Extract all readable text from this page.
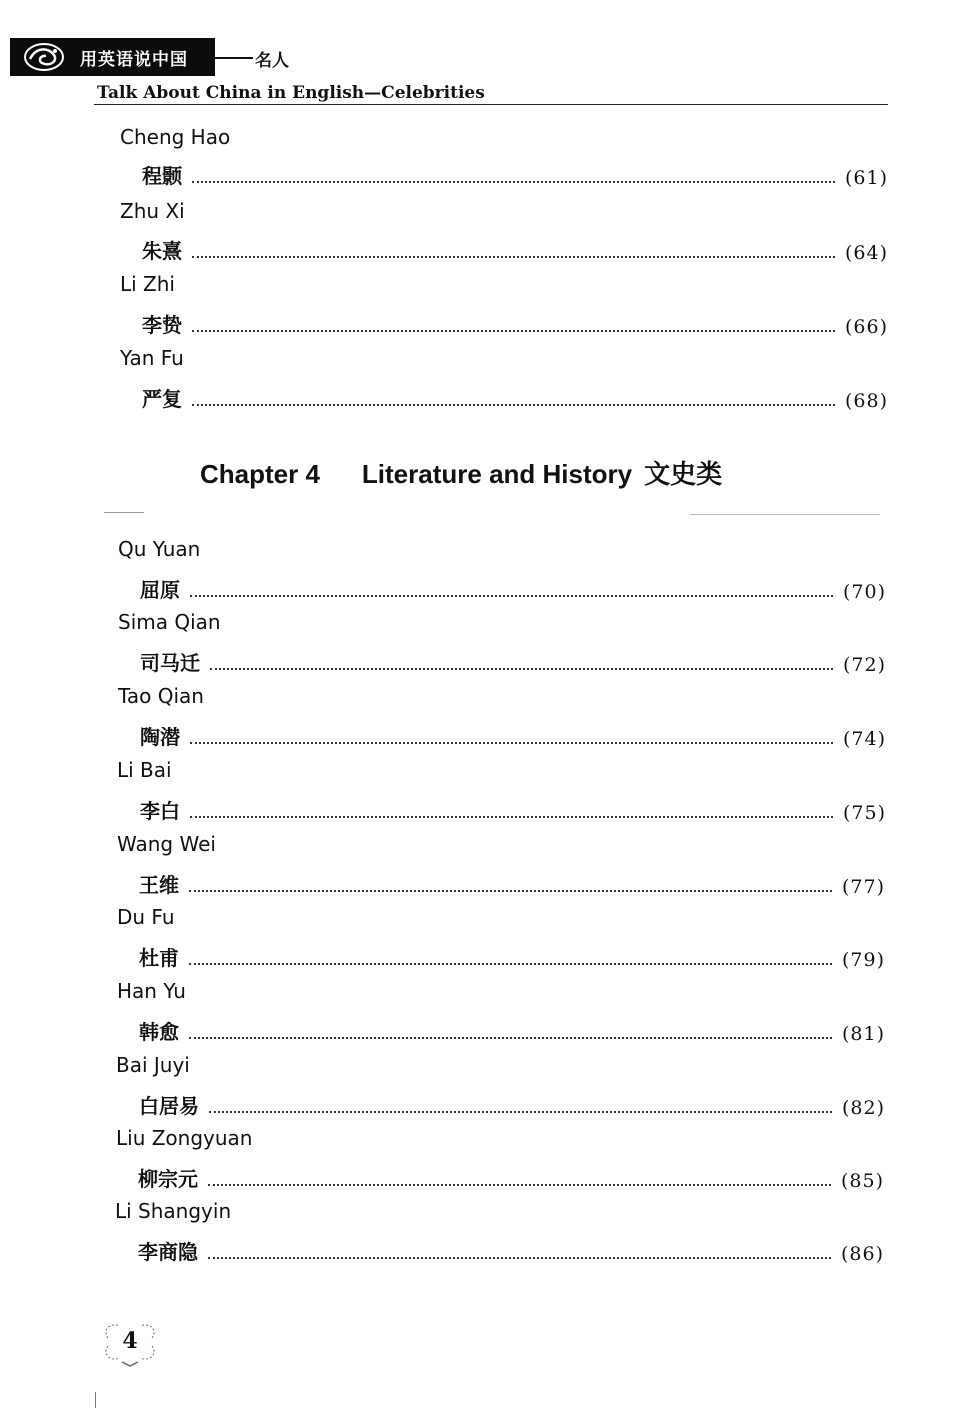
用英语说中国	名人
Talk About China in English—Celebrities
Cheng Hao
程颢	(61)
Zhu Xi
朱熹	(64)
Li Zhi
李贽	(66)
Yan Fu
严复	(68)
Chapter 4 Literature and History 文史类
Qu Yuan
屈原	(70)
Sima Qian
司马迁	(72)
Tao Qian
陶潜	(74)
Li Bai
李白	(75)
Wang Wei
王维	(77)
Du Fu
杜甫	(79)
Han Yu
韩愈	(81)
Bai Juyi
白居易	(82)
Liu Zongyuan
柳宗元	(85)
Li Shangyin
李商隐	(86)
4
